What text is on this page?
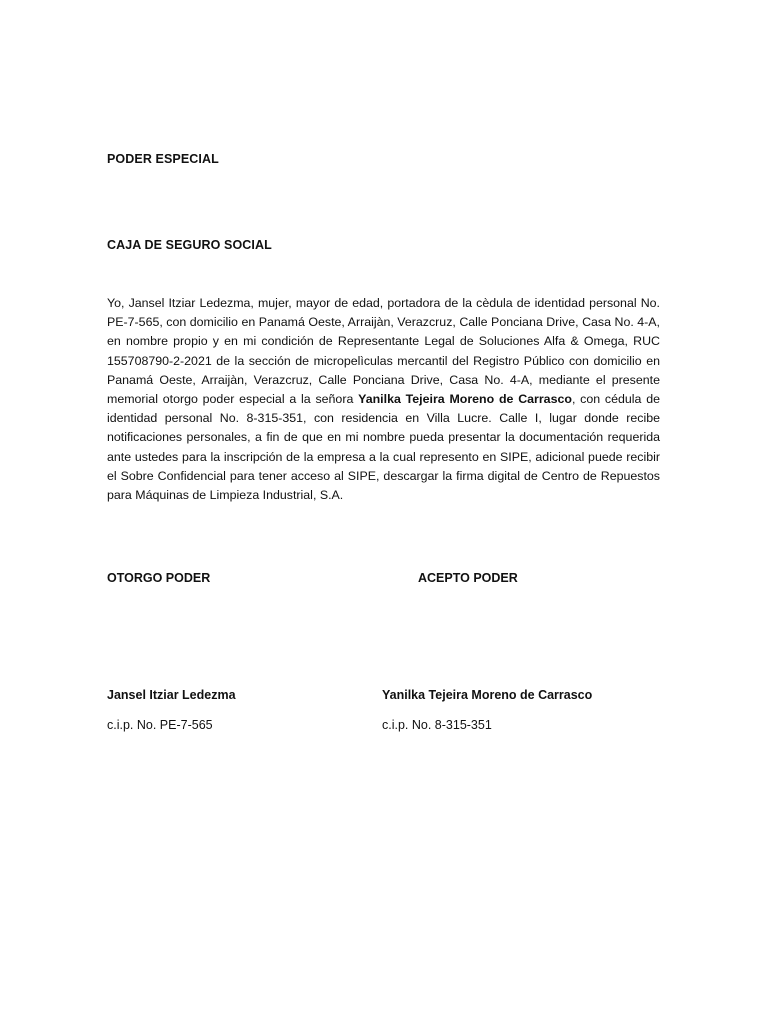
PODER ESPECIAL
CAJA DE SEGURO SOCIAL
Yo, Jansel Itziar Ledezma, mujer, mayor de edad, portadora de la cèdula de identidad personal No. PE-7-565, con domicilio en Panamá Oeste, Arraijàn, Verazcruz, Calle Ponciana Drive, Casa No. 4-A, en nombre propio y en mi condición de Representante Legal de Soluciones Alfa & Omega, RUC 155708790-2-2021 de la sección de micropelìculas mercantil del Registro Público con domicilio en Panamá Oeste, Arraijàn, Verazcruz, Calle Ponciana Drive, Casa No. 4-A, mediante el presente memorial otorgo poder especial a la señora Yanilka Tejeira Moreno de Carrasco, con cédula de identidad personal No. 8-315-351, con residencia en Villa Lucre. Calle I, lugar donde recibe notificaciones personales, a fin de que en mi nombre pueda presentar la documentación requerida ante ustedes para la inscripción de la empresa a la cual represento en SIPE, adicional puede recibir el Sobre Confidencial para tener acceso al SIPE, descargar la firma digital de Centro de Repuestos para Máquinas de Limpieza Industrial, S.A.
OTORGO PODER	ACEPTO PODER
Jansel Itziar Ledezma	Yanilka Tejeira Moreno de Carrasco
c.i.p. No. PE-7-565	c.i.p. No. 8-315-351
